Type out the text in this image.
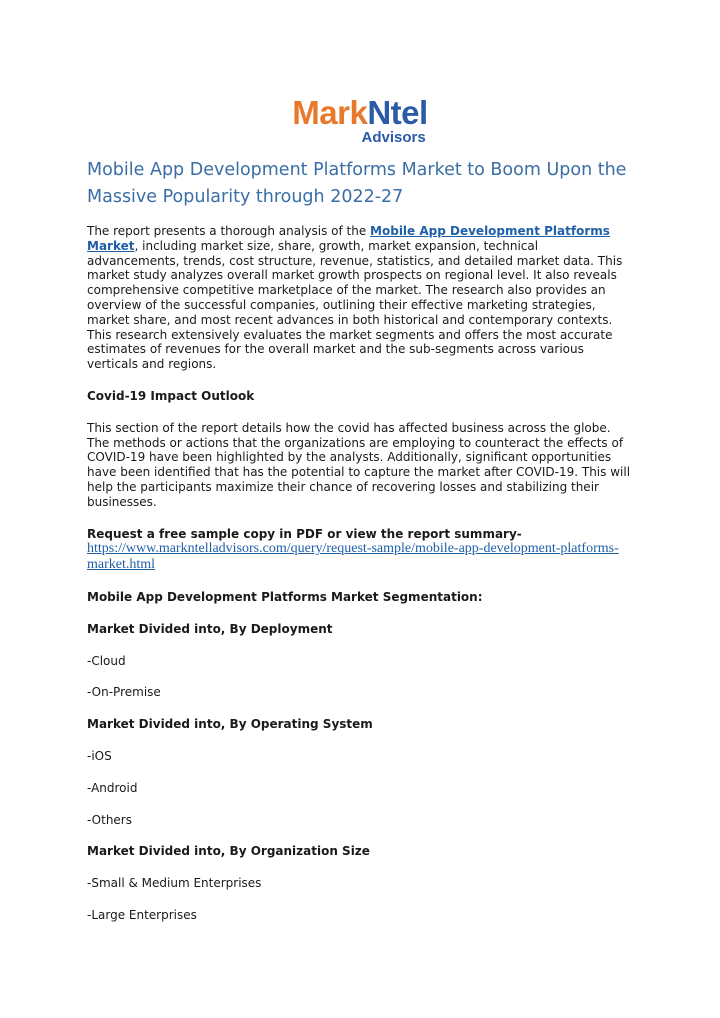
MarkNtel
Advisors
Mobile App Development Platforms Market to Boom Upon the Massive Popularity through 2022-27

The report presents a thorough analysis of the Mobile App Development Platforms Market, including market size, share, growth, market expansion, technical advancements, trends, cost structure, revenue, statistics, and detailed market data. This market study analyzes overall market growth prospects on regional level. It also reveals comprehensive competitive marketplace of the market. The research also provides an overview of the successful companies, outlining their effective marketing strategies, market share, and most recent advances in both historical and contemporary contexts. This research extensively evaluates the market segments and offers the most accurate estimates of revenues for the overall market and the sub-segments across various verticals and regions.

Covid-19 Impact Outlook

This section of the report details how the covid has affected business across the globe. The methods or actions that the organizations are employing to counteract the effects of COVID-19 have been highlighted by the analysts. Additionally, significant opportunities have been identified that has the potential to capture the market after COVID-19. This will help the participants maximize their chance of recovering losses and stabilizing their businesses.

Request a free sample copy in PDF or view the report summary- https://www.markntelladvisors.com/query/request-sample/mobile-app-development-platforms-market.html

Mobile App Development Platforms Market Segmentation:

Market Divided into, By Deployment

-Cloud

-On-Premise

Market Divided into, By Operating System

-iOS

-Android

-Others

Market Divided into, By Organization Size

-Small & Medium Enterprises

-Large Enterprises
